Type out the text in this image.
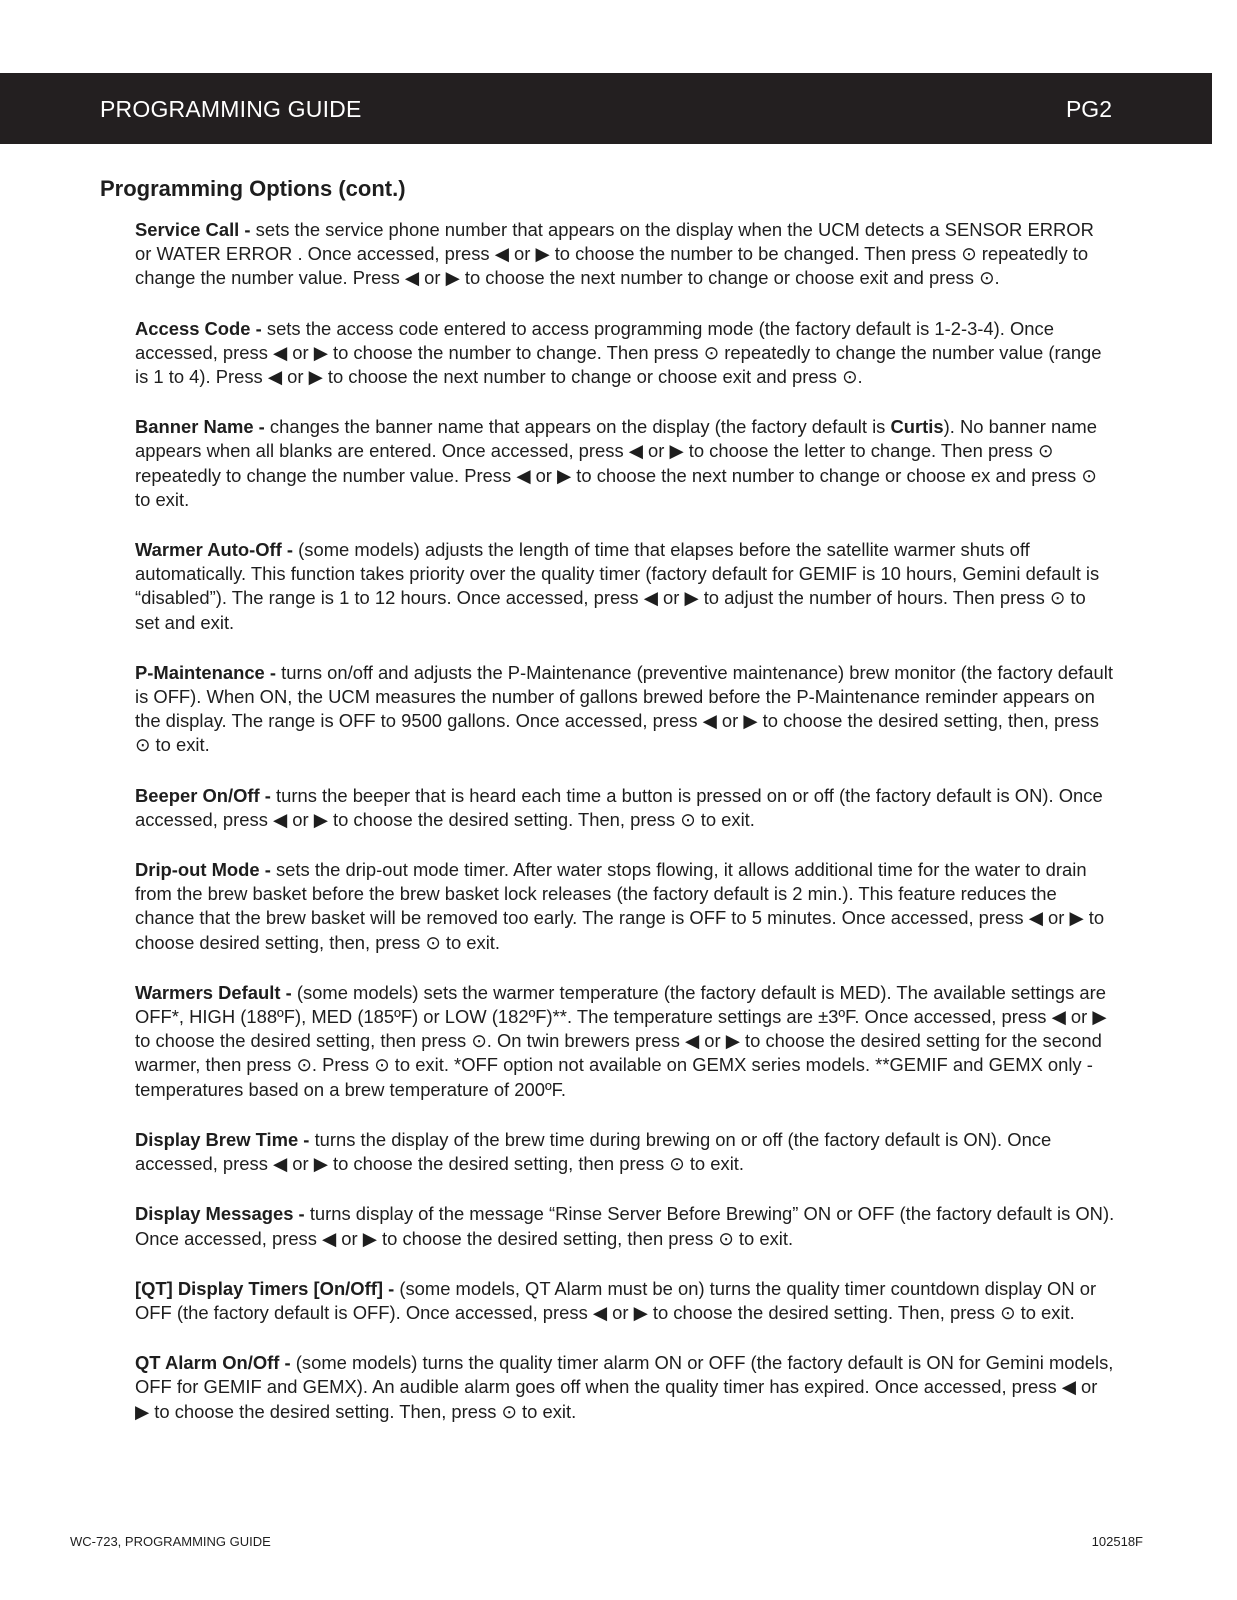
PROGRAMMING GUIDE	PG2
Programming Options (cont.)

Service Call - sets the service phone number that appears on the display when the UCM detects a SENSOR ERROR or WATER ERROR . Once accessed, press ◀ or ▶ to choose the number to be changed. Then press ⊙ repeatedly to change the number value. Press ◀ or ▶ to choose the next number to change or choose exit and press ⊙.

Access Code - sets the access code entered to access programming mode (the factory default is 1-2-3-4). Once accessed, press ◀ or ▶ to choose the number to change. Then press ⊙ repeatedly to change the number value (range is 1 to 4). Press ◀ or ▶ to choose the next number to change or choose exit and press ⊙.

Banner Name - changes the banner name that appears on the display (the factory default is Curtis). No banner name appears when all blanks are entered. Once accessed, press ◀ or ▶ to choose the letter to change. Then press ⊙ repeatedly to change the number value. Press ◀ or ▶ to choose the next number to change or choose ex and press ⊙ to exit.

Warmer Auto-Off - (some models) adjusts the length of time that elapses before the satellite warmer shuts off automatically. This function takes priority over the quality timer (factory default for GEMIF is 10 hours, Gemini default is “disabled”). The range is 1 to 12 hours. Once accessed, press ◀ or ▶ to adjust the number of hours. Then press ⊙ to set and exit.

P-Maintenance - turns on/off and adjusts the P-Maintenance (preventive maintenance) brew monitor (the factory default is OFF). When ON, the UCM measures the number of gallons brewed before the P-Maintenance reminder appears on the display. The range is OFF to 9500 gallons. Once accessed, press ◀ or ▶ to choose the desired setting, then, press ⊙ to exit.

Beeper On/Off - turns the beeper that is heard each time a button is pressed on or off (the factory default is ON). Once accessed, press ◀ or ▶ to choose the desired setting. Then, press ⊙ to exit.

Drip-out Mode - sets the drip-out mode timer. After water stops flowing, it allows additional time for the water to drain from the brew basket before the brew basket lock releases (the factory default is 2 min.). This feature reduces the chance that the brew basket will be removed too early. The range is OFF to 5 minutes. Once accessed, press ◀ or ▶ to choose desired setting, then, press ⊙ to exit.

Warmers Default - (some models) sets the warmer temperature (the factory default is MED). The available settings are OFF*, HIGH (188ºF), MED (185ºF) or LOW (182ºF)**. The temperature settings are ±3ºF. Once accessed, press ◀ or ▶ to choose the desired setting, then press ⊙. On twin brewers press ◀ or ▶ to choose the desired setting for the second warmer, then press ⊙. Press ⊙ to exit. *OFF option not available on GEMX series models. **GEMIF and GEMX only - temperatures based on a brew temperature of 200ºF.

Display Brew Time - turns the display of the brew time during brewing on or off (the factory default is ON). Once accessed, press ◀ or ▶ to choose the desired setting, then press ⊙ to exit.

Display Messages - turns display of the message “Rinse Server Before Brewing” ON or OFF (the factory default is ON). Once accessed, press ◀ or ▶ to choose the desired setting, then press ⊙ to exit.

[QT] Display Timers [On/Off] - (some models, QT Alarm must be on) turns the quality timer countdown display ON or OFF (the factory default is OFF). Once accessed, press ◀ or ▶ to choose the desired setting. Then, press ⊙ to exit.

QT Alarm On/Off - (some models) turns the quality timer alarm ON or OFF (the factory default is ON for Gemini models, OFF for GEMIF and GEMX). An audible alarm goes off when the quality timer has expired. Once accessed, press ◀ or ▶ to choose the desired setting. Then, press ⊙ to exit.

WC-723, PROGRAMMING GUIDE	102518F
